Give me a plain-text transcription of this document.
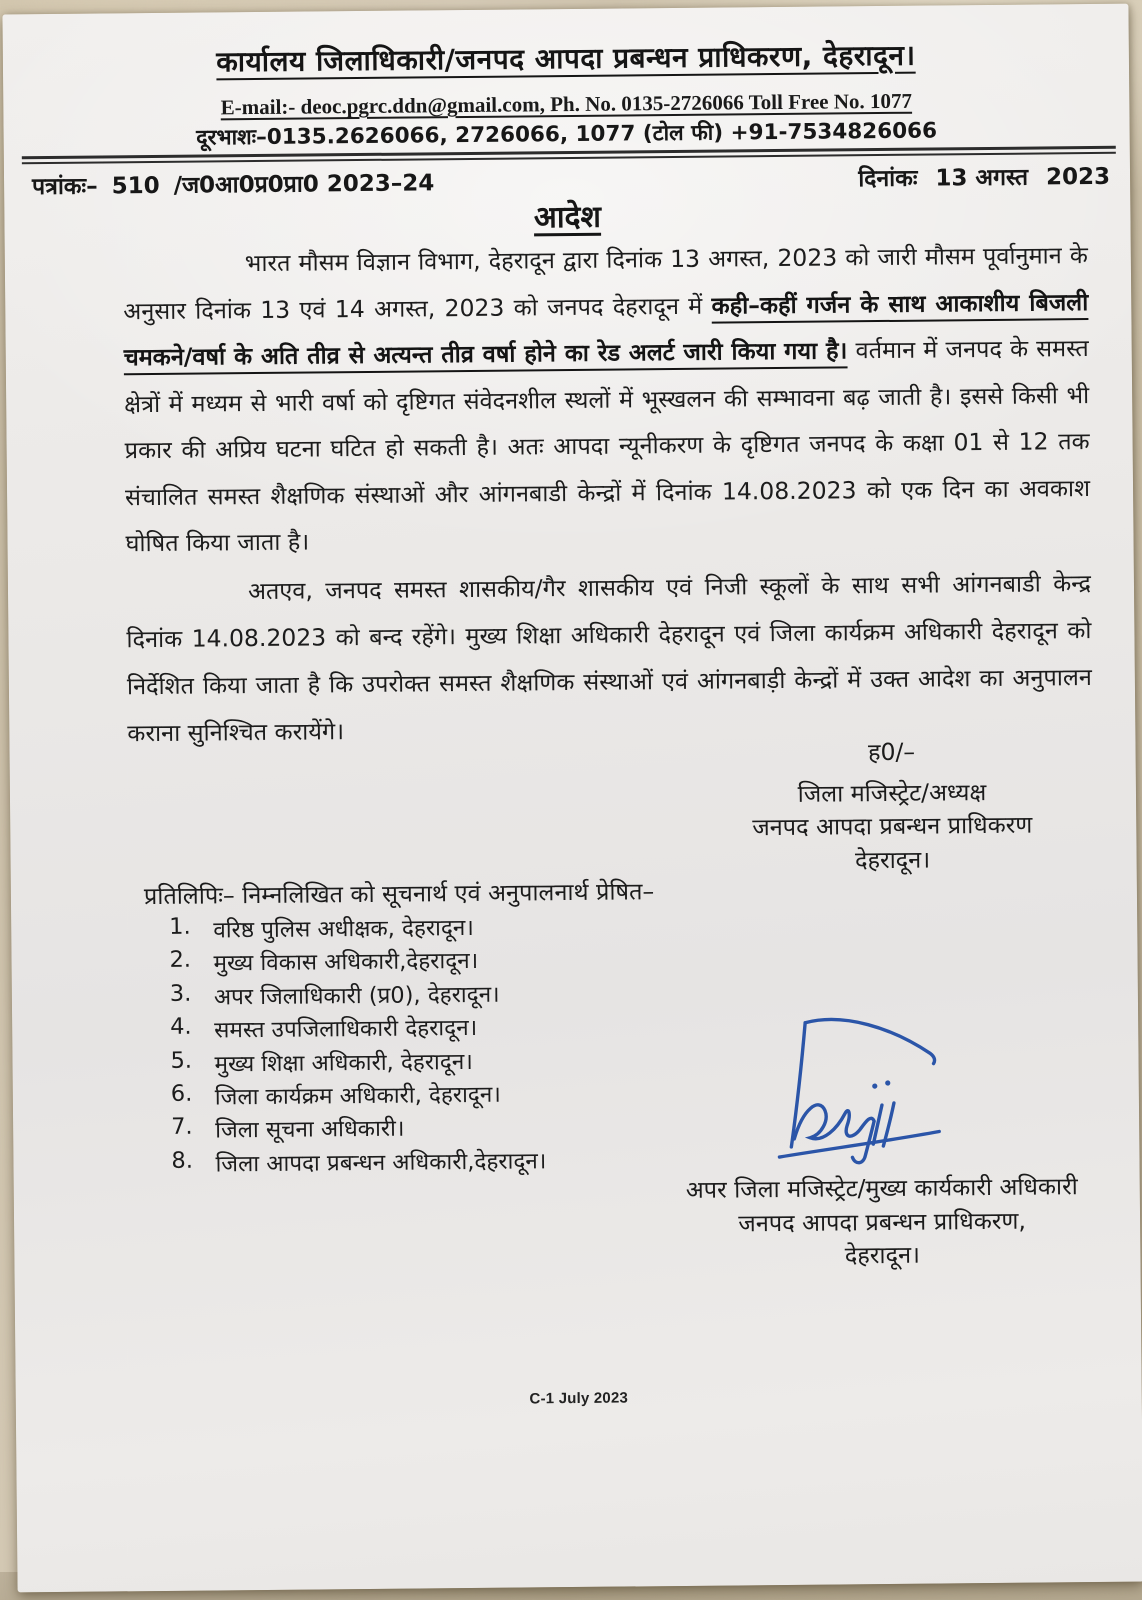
कार्यालय जिलाधिकारी/जनपद आपदा प्रबन्धन प्राधिकरण, देहरादून।
E-mail:- deoc.pgrc.ddn@gmail.com, Ph. No. 0135-2726066 Toll Free No. 1077
दूरभाशः–0135.2626066, 2726066, 1077 (टोल फी) +91-7534826066
पत्रांकः– 510 /ज0आ0प्र0प्रा0 2023–24	दिनांकः 13 अगस्त 2023
आदेश
भारत मौसम विज्ञान विभाग, देहरादून द्वारा दिनांक 13 अगस्त, 2023 को जारी मौसम पूर्वानुमान के अनुसार दिनांक 13 एवं 14 अगस्त, 2023 को जनपद देहरादून में कही–कहीं गर्जन के साथ आकाशीय बिजली चमकने/वर्षा के अति तीव्र से अत्यन्त तीव्र वर्षा होने का रेड अलर्ट जारी किया गया है। वर्तमान में जनपद के समस्त क्षेत्रों में मध्यम से भारी वर्षा को दृष्टिगत संवेदनशील स्थलों में भूस्खलन की सम्भावना बढ़ जाती है। इससे किसी भी प्रकार की अप्रिय घटना घटित हो सकती है। अतः आपदा न्यूनीकरण के दृष्टिगत जनपद के कक्षा 01 से 12 तक संचालित समस्त शैक्षणिक संस्थाओं और आंगनबाडी केन्द्रों में दिनांक 14.08.2023 को एक दिन का अवकाश घोषित किया जाता है।
अतएव, जनपद समस्त शासकीय/गैर शासकीय एवं निजी स्कूलों के साथ सभी आंगनबाडी केन्द्र दिनांक 14.08.2023 को बन्द रहेंगे। मुख्य शिक्षा अधिकारी देहरादून एवं जिला कार्यक्रम अधिकारी देहरादून को निर्देशित किया जाता है कि उपरोक्त समस्त शैक्षणिक संस्थाओं एवं आंगनबाड़ी केन्द्रों में उक्त आदेश का अनुपालन कराना सुनिश्चित करायेंगे।
ह0/–
जिला मजिस्ट्रेट/अध्यक्ष
जनपद आपदा प्रबन्धन प्राधिकरण
देहरादून।
प्रतिलिपिः– निम्नलिखित को सूचनार्थ एवं अनुपालनार्थ प्रेषित–
1. वरिष्ठ पुलिस अधीक्षक, देहरादून।
2. मुख्य विकास अधिकारी,देहरादून।
3. अपर जिलाधिकारी (प्र0), देहरादून।
4. समस्त उपजिलाधिकारी देहरादून।
5. मुख्य शिक्षा अधिकारी, देहरादून।
6. जिला कार्यक्रम अधिकारी, देहरादून।
7. जिला सूचना अधिकारी।
8. जिला आपदा प्रबन्धन अधिकारी,देहरादून।
अपर जिला मजिस्ट्रेट/मुख्य कार्यकारी अधिकारी
जनपद आपदा प्रबन्धन प्राधिकरण,
देहरादून।
C-1 July 2023
